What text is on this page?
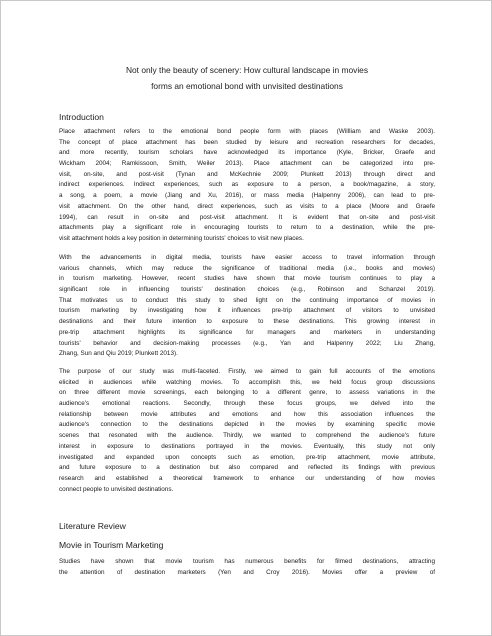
Not only the beauty of scenery: How cultural landscape in movies
forms an emotional bond with unvisited destinations
Introduction
Place attachment refers to the emotional bond people form with places (Willliam and Waske 2003).
The concept of place attachment has been studied by leisure and recreation researchers for decades,
and more recently, tourism scholars have acknowledged its importance (Kyle, Bricker, Graefe and
Wickham 2004; Ramkissoon, Smith, Weiler 2013). Place attachment can be categorized into pre-
visit, on-site, and post-visit (Tynan and McKechnie 2009; Plunkett 2013) through direct and
indirect experiences. Indirect experiences, such as exposure to a person, a book/magazine, a story,
a song, a poem, a movie (Jiang and Xu, 2016), or mass media (Halpenny 2006), can lead to pre-
visit attachment. On the other hand, direct experiences, such as visits to a place (Moore and Graefe
1994), can result in on-site and post-visit attachment. It is evident that on-site and post-visit
attachments play a significant role in encouraging tourists to return to a destination, while the pre-
visit attachment holds a key position in determining tourists' choices to visit new places.
With the advancements in digital media, tourists have easier access to travel information through
various channels, which may reduce the significance of traditional media (i.e., books and movies)
in tourism marketing. However, recent studies have shown that movie tourism continues to play a
significant role in influencing tourists' destination choices (e.g., Robinson and Schanzel 2019).
That motivates us to conduct this study to shed light on the continuing importance of movies in
tourism marketing by investigating how it influences pre-trip attachment of visitors to unvisited
destinations and their future intention to exposure to these destinations. This growing interest in
pre-trip attachment highlights its significance for managers and marketers in understanding
tourists' behavior and decision-making processes (e.g., Yan and Halpenny 2022; Liu Zhang,
Zhang, Sun and Qiu 2019; Plunkett 2013).
The purpose of our study was multi-faceted. Firstly, we aimed to gain full accounts of the emotions
elicited in audiences while watching movies. To accomplish this, we held focus group discussions
on three different movie screenings, each belonging to a different genre, to assess variations in the
audience's emotional reactions. Secondly, through these focus groups, we delved into the
relationship between movie attributes and emotions and how this association influences the
audience's connection to the destinations depicted in the movies by examining specific movie
scenes that resonated with the audience. Thirdly, we wanted to comprehend the audience's future
interest in exposure to destinations portrayed in the movies. Eventually, this study not only
investigated and expanded upon concepts such as emotion, pre-trip attachment, movie attribute,
and future exposure to a destination but also compared and reflected its findings with previous
research and established a theoretical framework to enhance our understanding of how movies
connect people to unvisited destinations.
Literature Review
Movie in Tourism Marketing
Studies have shown that movie tourism has numerous benefits for filmed destinations, attracting
the attention of destination marketers (Yen and Croy 2016). Movies offer a preview of
